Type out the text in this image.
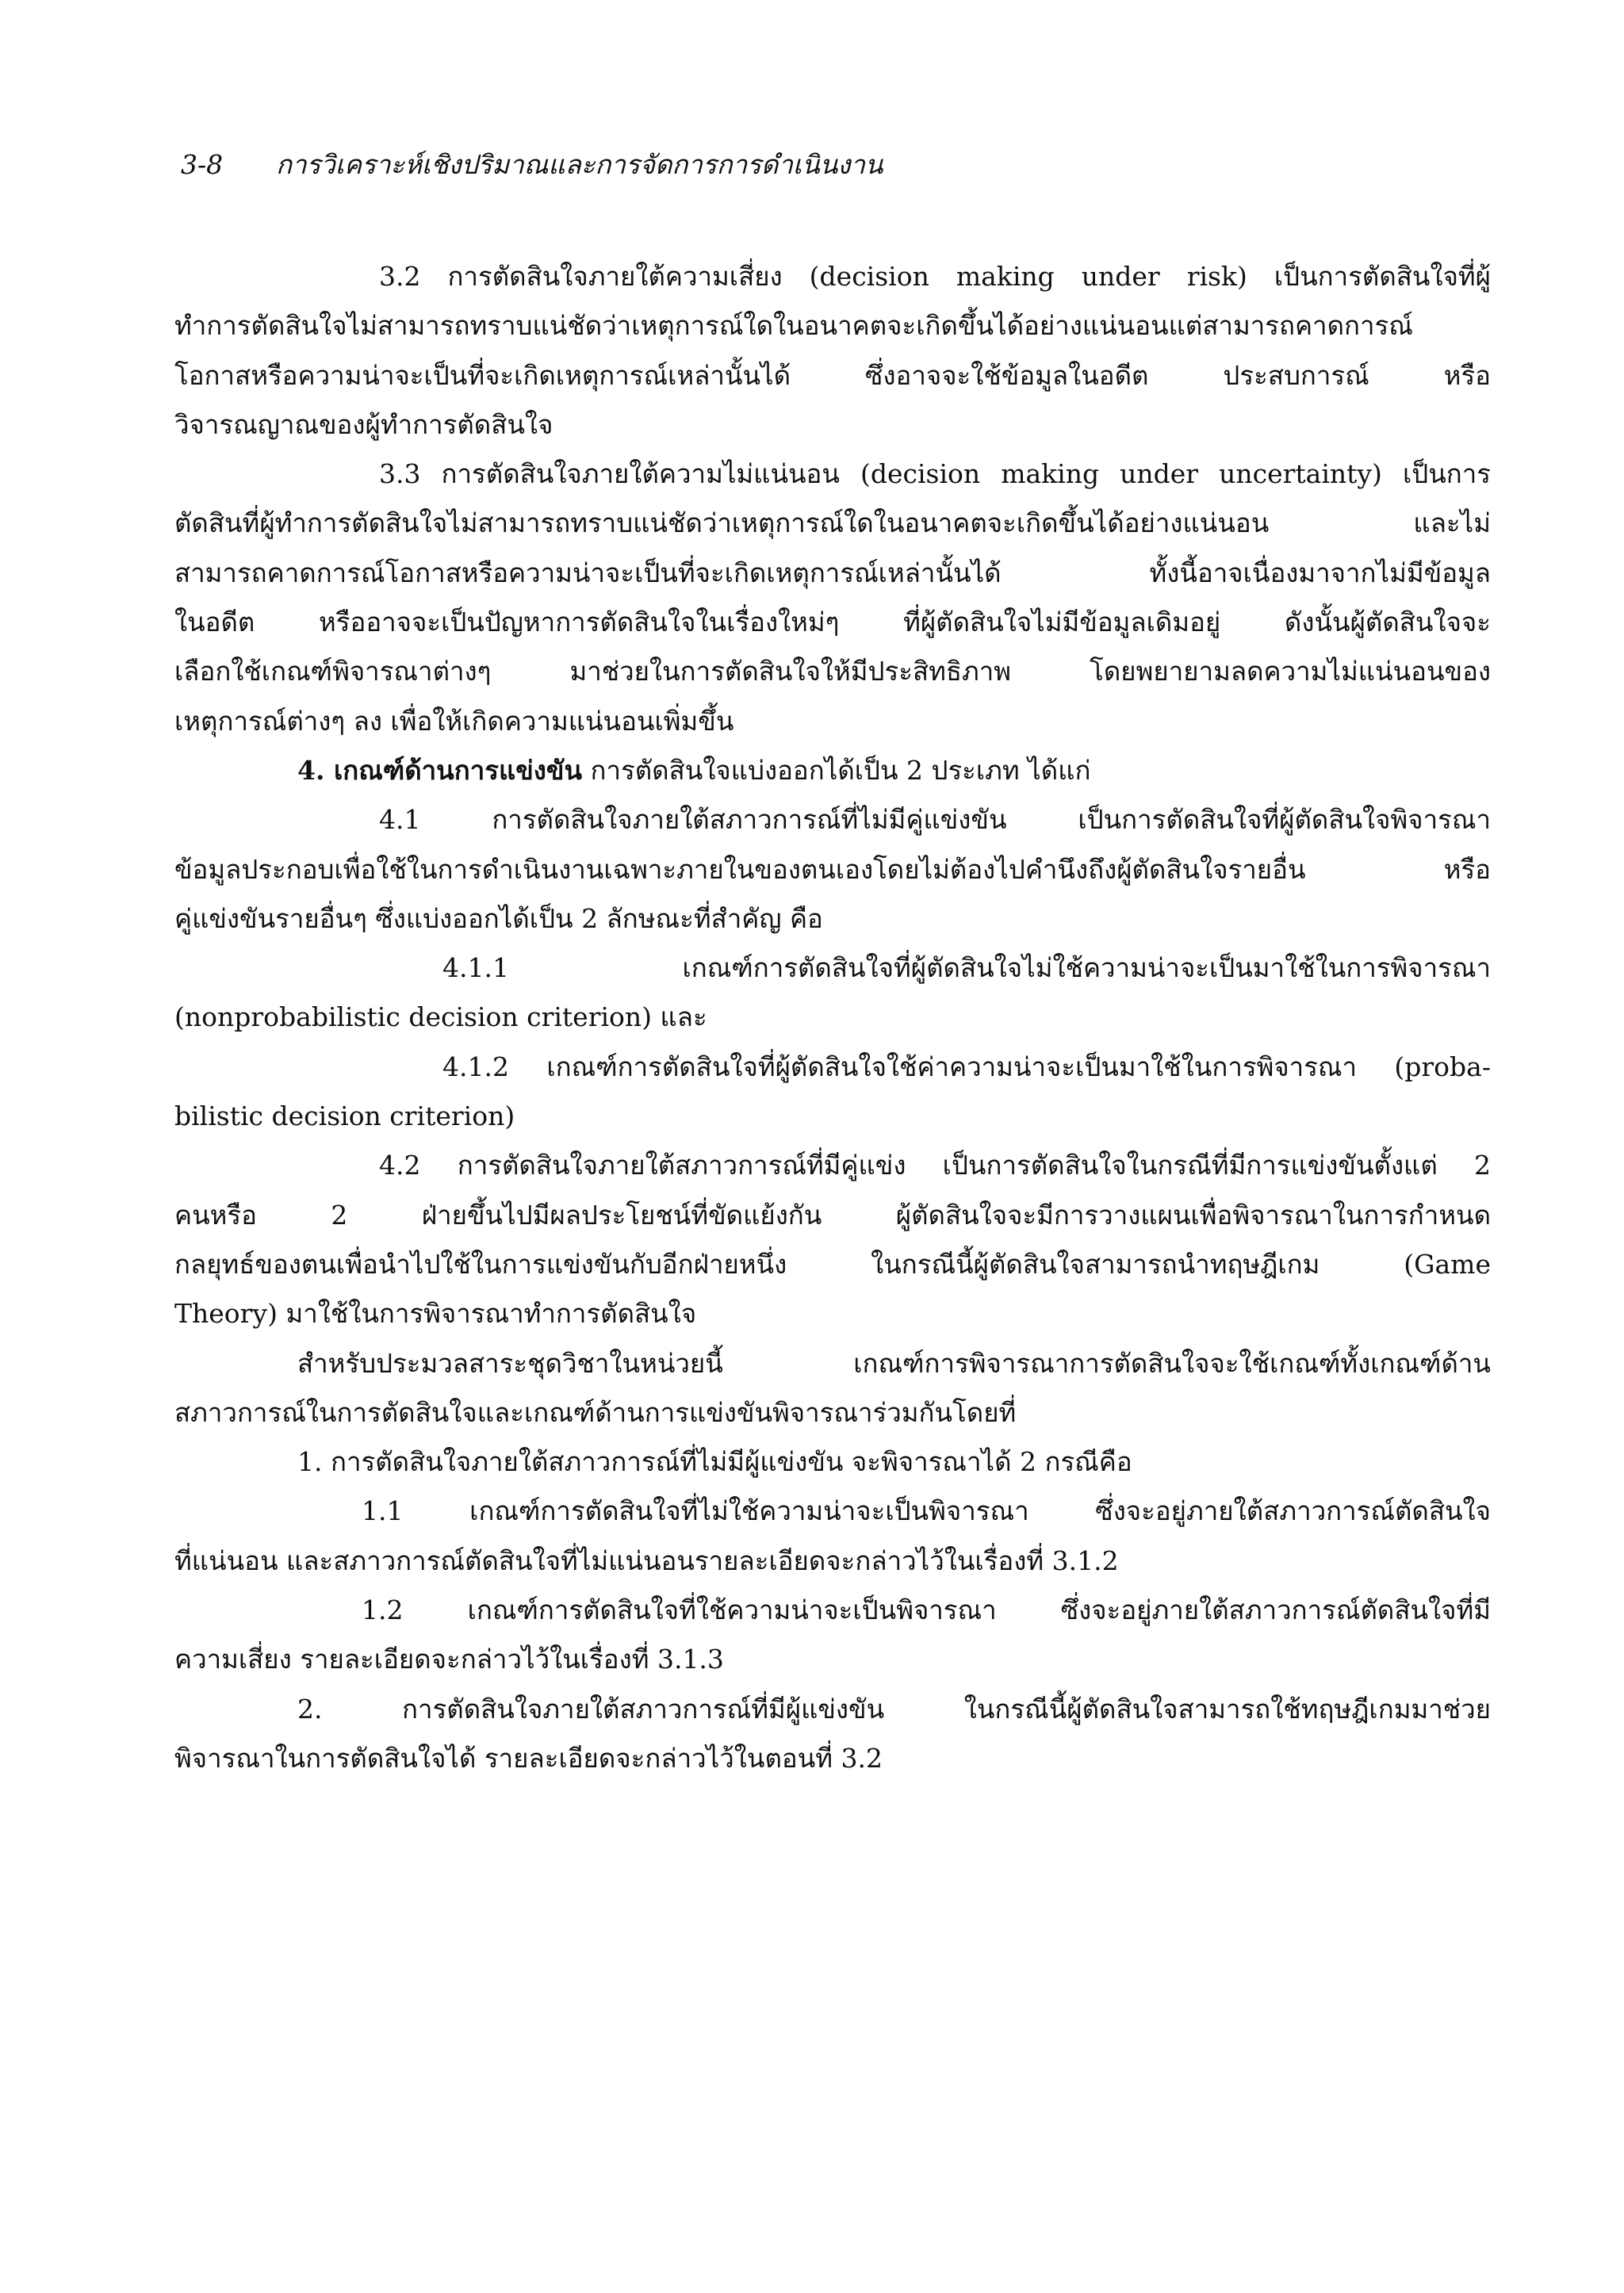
3-8 การวิเคราะห์เชิงปริมาณและการจัดการการดำเนินงาน
3.2 การตัดสินใจภายใต้ความเสี่ยง (decision making under risk) เป็นการตัดสินใจที่ผู้
ทำการตัดสินใจไม่สามารถทราบแน่ชัดว่าเหตุการณ์ใดในอนาคตจะเกิดขึ้นได้อย่างแน่นอนแต่สามารถคาดการณ์
โอกาสหรือความน่าจะเป็นที่จะเกิดเหตุการณ์เหล่านั้นได้ ซึ่งอาจจะใช้ข้อมูลในอดีต ประสบการณ์ หรือ
วิจารณญาณของผู้ทำการตัดสินใจ
3.3 การตัดสินใจภายใต้ความไม่แน่นอน (decision making under uncertainty) เป็นการ
ตัดสินที่ผู้ทำการตัดสินใจไม่สามารถทราบแน่ชัดว่าเหตุการณ์ใดในอนาคตจะเกิดขึ้นได้อย่างแน่นอน และไม่
สามารถคาดการณ์โอกาสหรือความน่าจะเป็นที่จะเกิดเหตุการณ์เหล่านั้นได้ ทั้งนี้อาจเนื่องมาจากไม่มีข้อมูล
ในอดีต หรืออาจจะเป็นปัญหาการตัดสินใจในเรื่องใหม่ๆ ที่ผู้ตัดสินใจไม่มีข้อมูลเดิมอยู่ ดังนั้นผู้ตัดสินใจจะ
เลือกใช้เกณฑ์พิจารณาต่างๆ มาช่วยในการตัดสินใจให้มีประสิทธิภาพ โดยพยายามลดความไม่แน่นอนของ
เหตุการณ์ต่างๆ ลง เพื่อให้เกิดความแน่นอนเพิ่มขึ้น
4. เกณฑ์ด้านการแข่งขัน การตัดสินใจแบ่งออกได้เป็น 2 ประเภท ได้แก่
4.1 การตัดสินใจภายใต้สภาวการณ์ที่ไม่มีคู่แข่งขัน เป็นการตัดสินใจที่ผู้ตัดสินใจพิจารณา
ข้อมูลประกอบเพื่อใช้ในการดำเนินงานเฉพาะภายในของตนเองโดยไม่ต้องไปคำนึงถึงผู้ตัดสินใจรายอื่น หรือ
คู่แข่งขันรายอื่นๆ ซึ่งแบ่งออกได้เป็น 2 ลักษณะที่สำคัญ คือ
4.1.1 เกณฑ์การตัดสินใจที่ผู้ตัดสินใจไม่ใช้ความน่าจะเป็นมาใช้ในการพิจารณา
(nonprobabilistic decision criterion) และ
4.1.2 เกณฑ์การตัดสินใจที่ผู้ตัดสินใจใช้ค่าความน่าจะเป็นมาใช้ในการพิจารณา (proba-
bilistic decision criterion)
4.2 การตัดสินใจภายใต้สภาวการณ์ที่มีคู่แข่ง เป็นการตัดสินใจในกรณีที่มีการแข่งขันตั้งแต่ 2
คนหรือ 2 ฝ่ายขึ้นไปมีผลประโยชน์ที่ขัดแย้งกัน ผู้ตัดสินใจจะมีการวางแผนเพื่อพิจารณาในการกำหนด
กลยุทธ์ของตนเพื่อนำไปใช้ในการแข่งขันกับอีกฝ่ายหนึ่ง ในกรณีนี้ผู้ตัดสินใจสามารถนำทฤษฎีเกม (Game
Theory) มาใช้ในการพิจารณาทำการตัดสินใจ
สำหรับประมวลสาระชุดวิชาในหน่วยนี้ เกณฑ์การพิจารณาการตัดสินใจจะใช้เกณฑ์ทั้งเกณฑ์ด้าน
สภาวการณ์ในการตัดสินใจและเกณฑ์ด้านการแข่งขันพิจารณาร่วมกันโดยที่
1. การตัดสินใจภายใต้สภาวการณ์ที่ไม่มีผู้แข่งขัน จะพิจารณาได้ 2 กรณีคือ
1.1 เกณฑ์การตัดสินใจที่ไม่ใช้ความน่าจะเป็นพิจารณา ซึ่งจะอยู่ภายใต้สภาวการณ์ตัดสินใจ
ที่แน่นอน และสภาวการณ์ตัดสินใจที่ไม่แน่นอนรายละเอียดจะกล่าวไว้ในเรื่องที่ 3.1.2
1.2 เกณฑ์การตัดสินใจที่ใช้ความน่าจะเป็นพิจารณา ซึ่งจะอยู่ภายใต้สภาวการณ์ตัดสินใจที่มี
ความเสี่ยง รายละเอียดจะกล่าวไว้ในเรื่องที่ 3.1.3
2. การตัดสินใจภายใต้สภาวการณ์ที่มีผู้แข่งขัน ในกรณีนี้ผู้ตัดสินใจสามารถใช้ทฤษฎีเกมมาช่วย
พิจารณาในการตัดสินใจได้ รายละเอียดจะกล่าวไว้ในตอนที่ 3.2
